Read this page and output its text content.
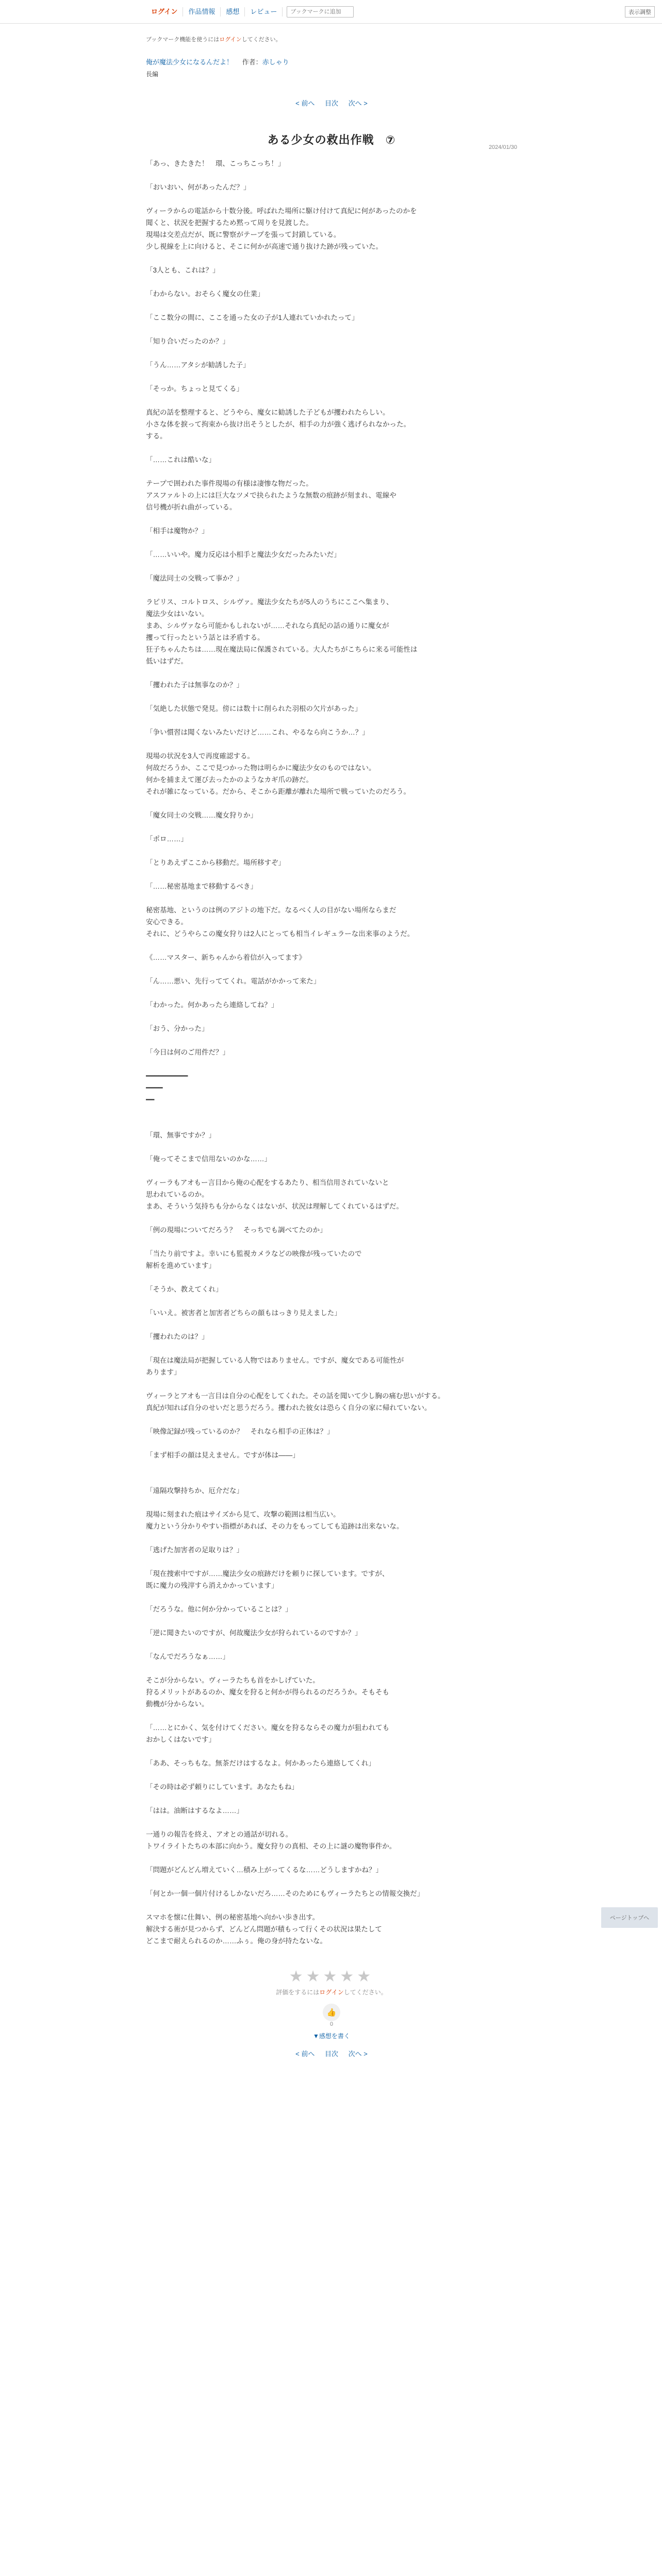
ログイン	作品情報	感想	レビュー
ブックマークに追加	表示調整
ブックマーク機能を使うにはログインしてください。
俺が魔法少女になるんだよ！ 作者：赤しゃり
長編
< 前へ 目次 次へ >
2024/01/30
ある少女の救出作戦 ⑦

「あっ、きたきた！　環、こっちこっち！」

「おいおい、何があったんだ？」

ヴィーラからの電話から十数分後。呼ばれた場所に駆け付けて真紀に何があったのかを

聞くと、状況を把握するため黙って周りを見渡した。

現場は交差点だが、既に警察がテープを張って封鎖している。

少し視線を上に向けると、そこに何かが高速で通り抜けた跡が残っていた。

「3人とも、これは？」

「わからない。おそらく魔女の仕業」

「ここ数分の間に、ここを通った女の子が1人連れていかれたって」

「知り合いだったのか？」

「うん……アタシが勧誘した子」

「そっか。ちょっと見てくる」

真紀の話を整理すると、どうやら、魔女に勧誘した子どもが攫われたらしい。

小さな体を捩って拘束から抜け出そうとしたが、相手の力が強く逃げられなかった。

する。

「……これは酷いな」

テープで囲われた事件現場の有様は凄惨な物だった。

アスファルトの上には巨大なツメで抉られたような無数の痕跡が刻まれ、電線や

信号機が折れ曲がっている。

「相手は魔物か？」

「……いいや。魔力反応は小相手と魔法少女だったみたいだ」

「魔法同士の交戦って事か？」

ラピリス、コルトロス、シルヴァ。魔法少女たちが5人のうちにここへ集まり、

魔法少女はいない。

まあ、シルヴァなら可能かもしれないが……それなら真紀の話の通りに魔女が

攫って行ったという話とは矛盾する。

狂子ちゃんたちは……現在魔法局に保護されている。大人たちがこちらに来る可能性は

低いはずだ。

「攫われた子は無事なのか？」

「気絶した状態で発見。傍には数十に削られた羽根の欠片があった」

「争い慣習は聞くないみたいだけど……これ、やるなら向こうか…？」

現場の状況を3人で再度確認する。

何故だろうか、ここで見つかった物は明らかに魔法少女のものではない。

何かを捕まえて運び去ったかのようなカギ爪の跡だ。

それが雑になっている。だから、そこから距離が離れた場所で戦っていたのだろう。

「魔女同士の交戦……魔女狩りか」

「ポロ……」

「とりあえずここから移動だ。場所移すぞ」

「……秘密基地まで移動するべき」

秘密基地、というのは例のアジトの地下だ。なるべく人の目がない場所ならまだ

安心できる。

それに、どうやらこの魔女狩りは2人にとっても相当イレギュラーな出来事のようだ。

《……マスター、新ちゃんから着信が入ってます》

「ん……悪い、先行っててくれ。電話がかかって来た」

「わかった。何かあったら連絡してね？」

「おう、分かった」

「今日は何のご用件だ？」

━━━━━━━━━━

━━━━

━━

「環、無事ですか？」

「俺ってそこまで信用ないのかな……」

ヴィーラもアオもー言目から俺の心配をするあたり、相当信用されていないと

思われているのか。

まあ、そういう気持ちも分からなくはないが、状況は理解してくれているはずだ。

「例の現場についてだろう？　そっちでも調べてたのか」

「当たり前ですよ。幸いにも監視カメラなどの映像が残っていたので

解析を進めています」

「そうか、教えてくれ」

「いいえ。被害者と加害者どちらの顔もはっきり見えました」

「攫われたのは？」

「現在は魔法局が把握している人物ではありません。ですが、魔女である可能性が

あります」

ヴィーラとアオも一言目は自分の心配をしてくれた。その話を聞いて少し胸の痛む思いがする。

真紀が知れば自分のせいだと思うだろう。攫われた彼女は恐らく自分の家に帰れていない。

「映像記録が残っているのか？　それなら相手の正体は？」

「まず相手の顔は見えません。ですが体は――」

「遠隔攻撃持ちか、厄介だな」

現場に刻まれた痕はサイズから見て、攻撃の範囲は相当広い。

魔力という分かりやすい指標があれば、その力をもってしても追跡は出来ないな。

「逃げた加害者の足取りは？」

「現在捜索中ですが……魔法少女の痕跡だけを頼りに探しています。ですが、

既に魔力の残滓すら消えかかっています」

「だろうな。他に何か分かっていることは？」

「逆に聞きたいのですが、何故魔法少女が狩られているのですか？」

「なんでだろうなぁ……」

そこが分からない。ヴィーラたちも首をかしげていた。

狩るメリットがあるのか、魔女を狩ると何かが得られるのだろうか。そもそも

動機が分からない。

「……とにかく、気を付けてください。魔女を狩るならその魔力が狙われても

おかしくはないです」

「ああ、そっちもな。無茶だけはするなよ。何かあったら連絡してくれ」

「その時は必ず頼りにしています。あなたもね」

「はは。油断はするなよ……」

一通りの報告を終え、アオとの通話が切れる。

トワイライトたちの本部に向かう。魔女狩りの真相、その上に謎の魔物事件か。

「問題がどんどん増えていく…積み上がってくるな……どうしますかね？」

「何とか一個一個片付けるしかないだろ……そのためにもヴィーラたちとの情報交換だ」

スマホを懐に仕舞い、例の秘密基地へ向かい歩き出す。

解決する術が見つからず、どんどん問題が積もって行くその状況は果たして

どこまで耐えられるのか……ふぅ。俺の身が持たないな。

★★★★★
評価をするにはログインしてください。
👍
0
▼感想を書く
< 前へ 目次 次へ >
ページトップへ
